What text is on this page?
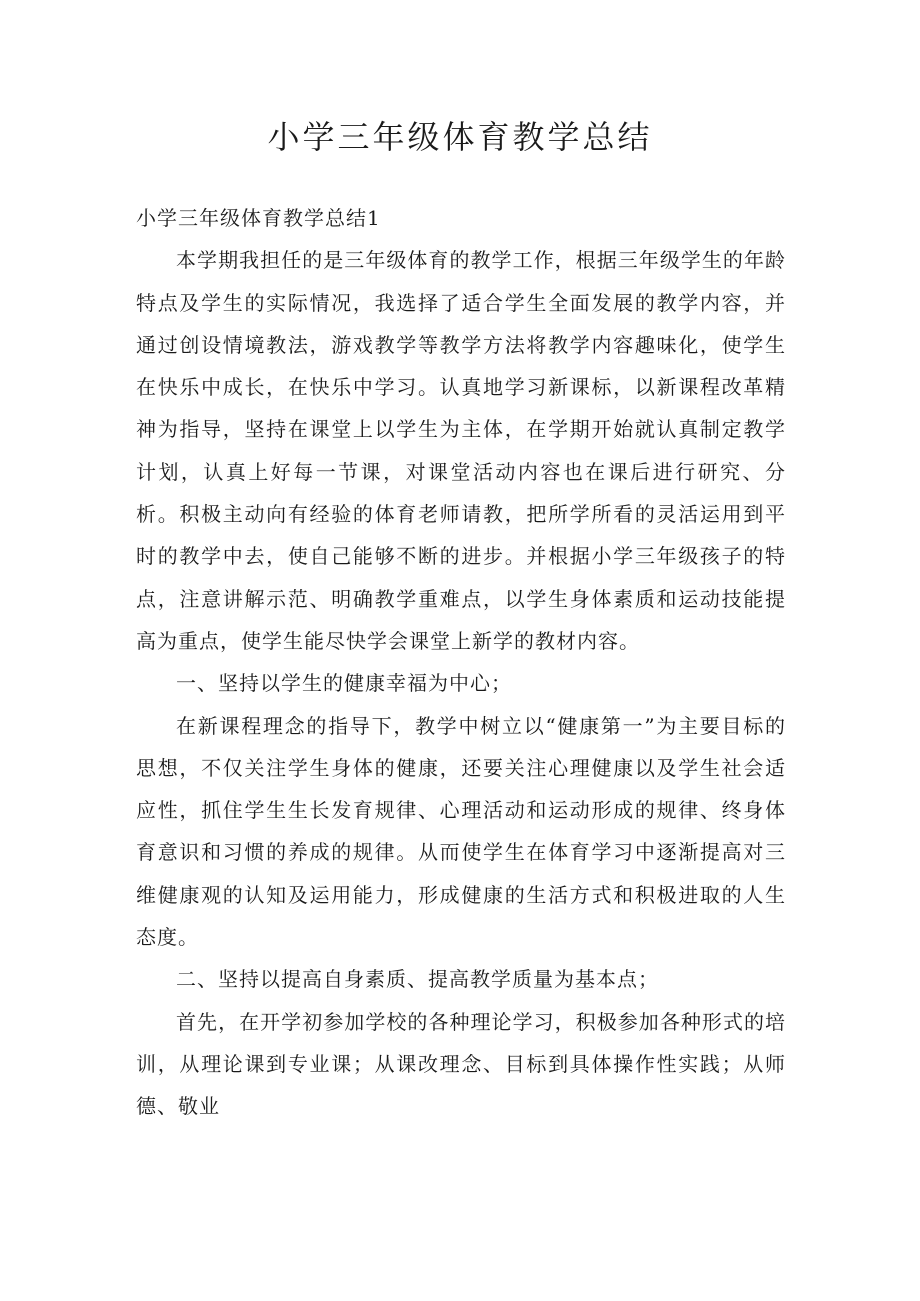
小学三年级体育教学总结

小学三年级体育教学总结1

本学期我担任的是三年级体育的教学工作，根据三年级学生的年龄特点及学生的实际情况，我选择了适合学生全面发展的教学内容，并通过创设情境教法，游戏教学等教学方法将教学内容趣味化，使学生在快乐中成长，在快乐中学习。认真地学习新课标，以新课程改革精神为指导，坚持在课堂上以学生为主体，在学期开始就认真制定教学计划，认真上好每一节课，对课堂活动内容也在课后进行研究、分析。积极主动向有经验的体育老师请教，把所学所看的灵活运用到平时的教学中去，使自己能够不断的进步。并根据小学三年级孩子的特点，注意讲解示范、明确教学重难点，以学生身体素质和运动技能提高为重点，使学生能尽快学会课堂上新学的教材内容。

一、坚持以学生的健康幸福为中心；

在新课程理念的指导下，教学中树立以“健康第一”为主要目标的思想，不仅关注学生身体的健康，还要关注心理健康以及学生社会适应性，抓住学生生长发育规律、心理活动和运动形成的规律、终身体育意识和习惯的养成的规律。从而使学生在体育学习中逐渐提高对三维健康观的认知及运用能力，形成健康的生活方式和积极进取的人生态度。

二、坚持以提高自身素质、提高教学质量为基本点；

首先，在开学初参加学校的各种理论学习，积极参加各种形式的培训，从理论课到专业课；从课改理念、目标到具体操作性实践；从师德、敬业
